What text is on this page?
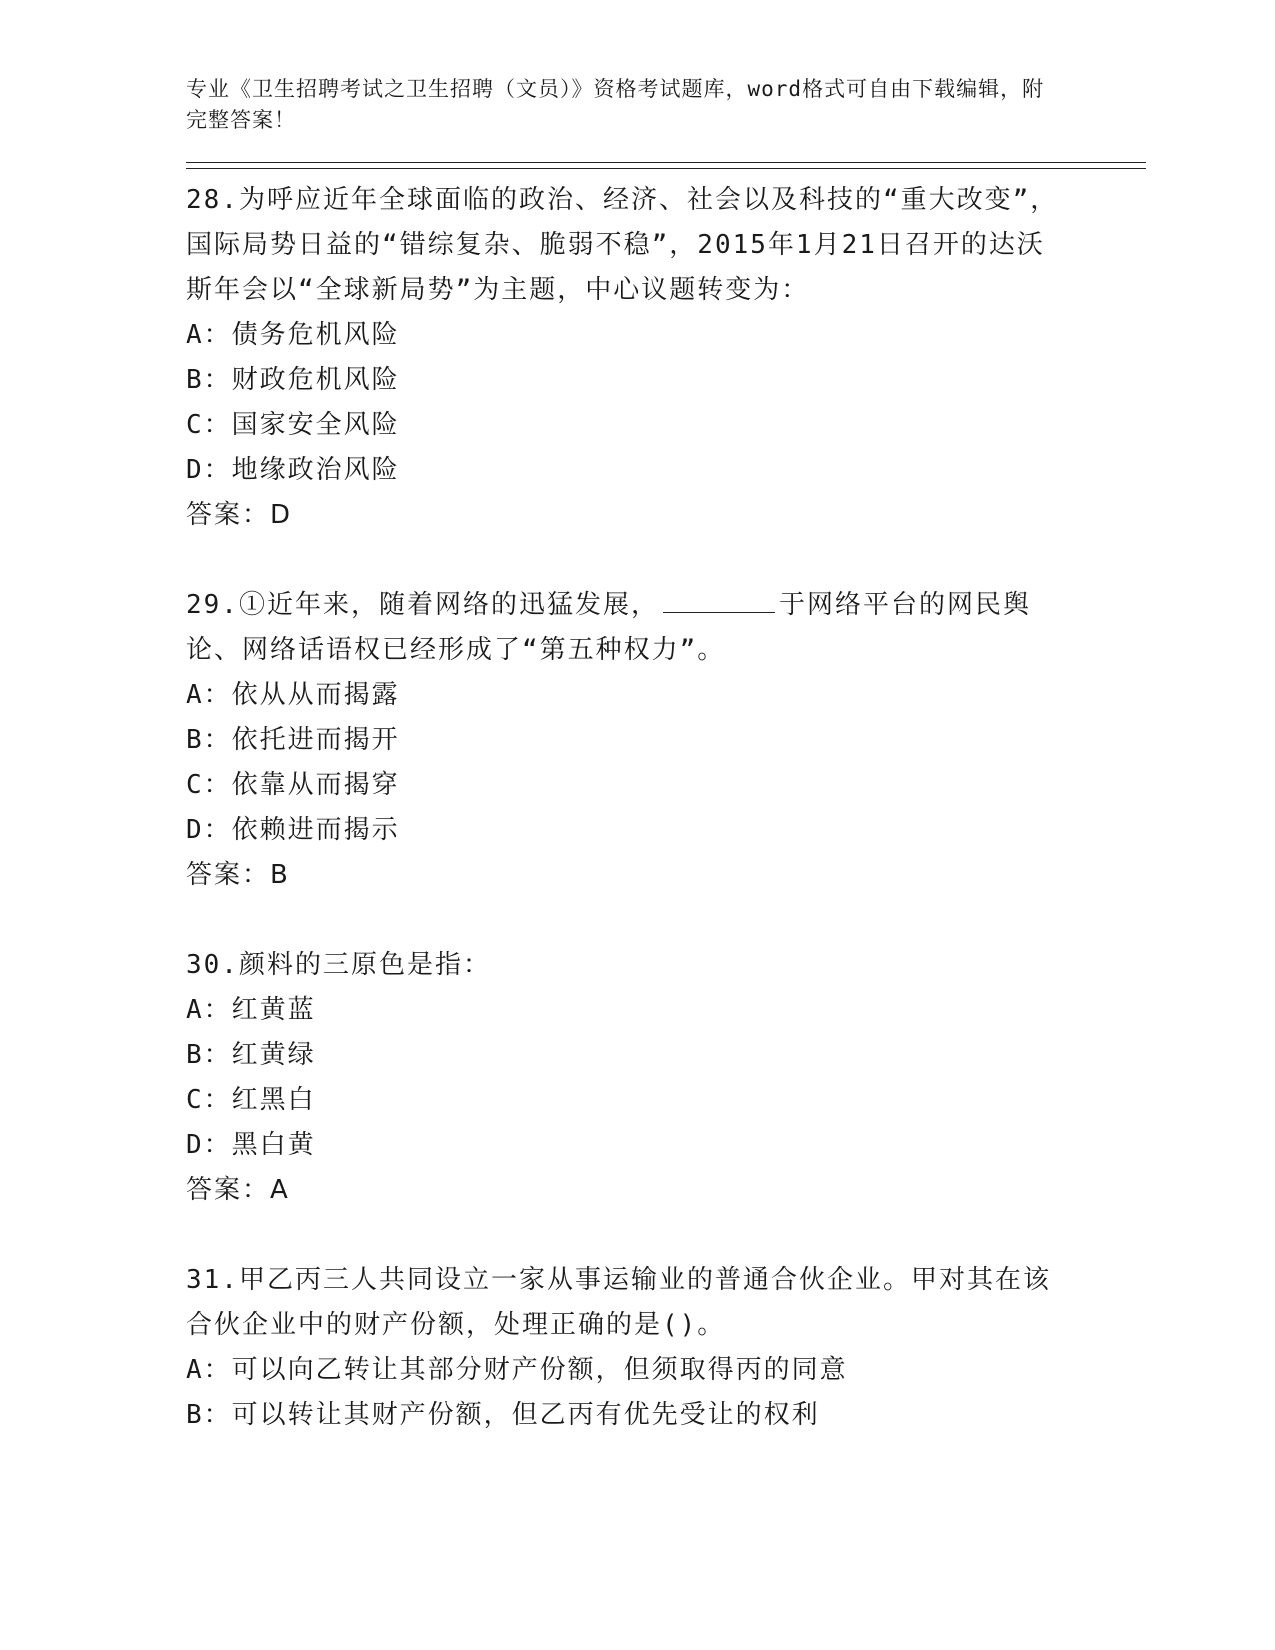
专业《卫生招聘考试之卫生招聘（文员）》资格考试题库，word格式可自由下载编辑，附完整答案！

28.为呼应近年全球面临的政治、经济、社会以及科技的“重大改变”，国际局势日益的“错综复杂、脆弱不稳”，2015年1月21日召开的达沃斯年会以“全球新局势”为主题，中心议题转变为：

A：债务危机风险

B：财政危机风险

C：国家安全风险

D：地缘政治风险

答案：D

29.①近年来，随着网络的迅猛发展，	于网络平台的网民舆论、网络话语权已经形成了“第五种权力”。

A：依从从而揭露

B：依托进而揭开

C：依靠从而揭穿

D：依赖进而揭示

答案：B

30.颜料的三原色是指：

A：红黄蓝

B：红黄绿

C：红黑白

D：黑白黄

答案：A

31.甲乙丙三人共同设立一家从事运输业的普通合伙企业。甲对其在该合伙企业中的财产份额，处理正确的是()。

A：可以向乙转让其部分财产份额，但须取得丙的同意

B：可以转让其财产份额，但乙丙有优先受让的权利
